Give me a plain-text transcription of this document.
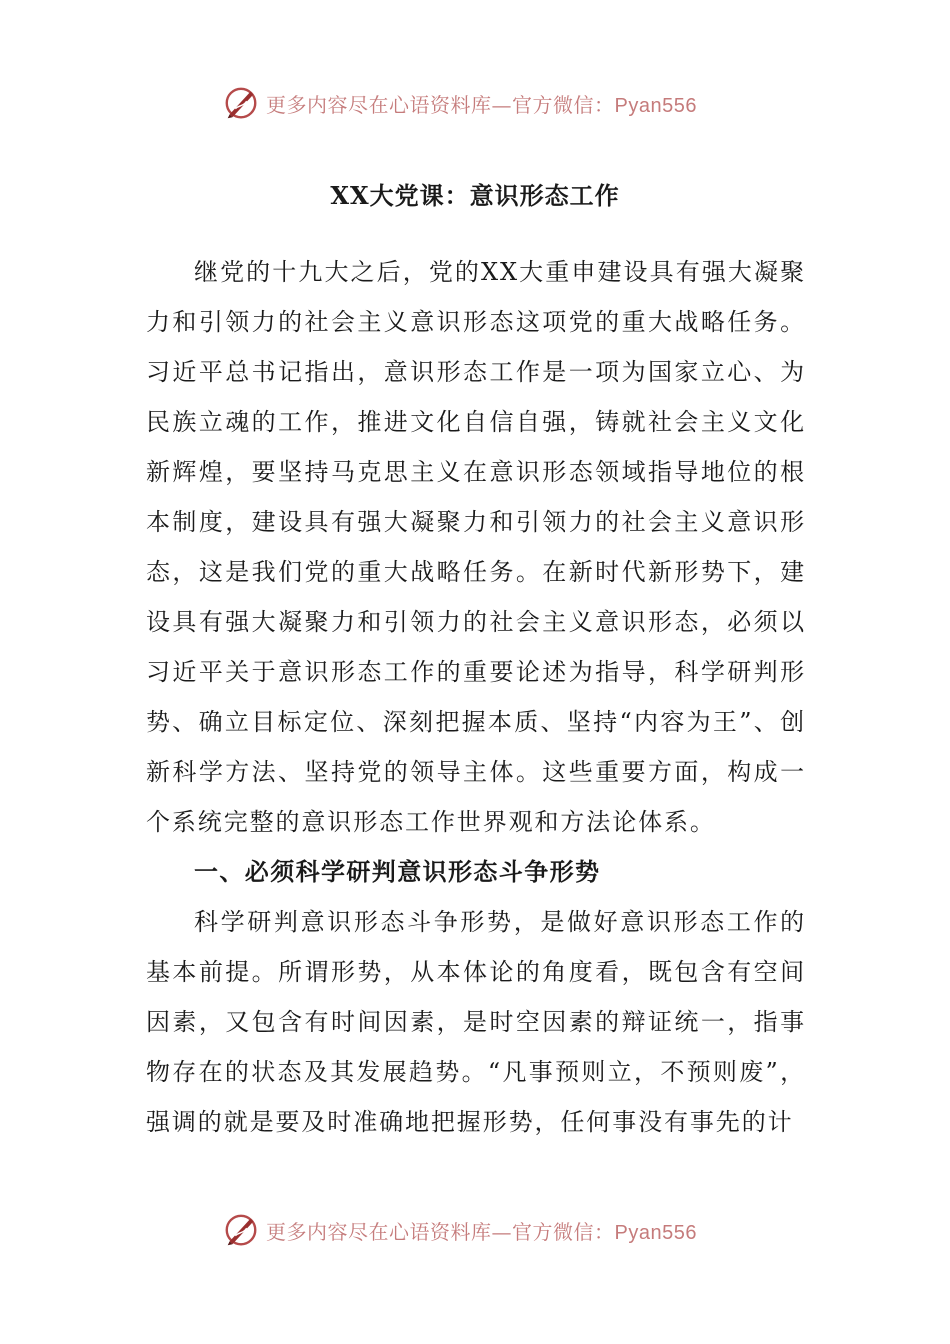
更多内容尽在心语资料库—官方微信：Pyan556
XX大党课：意识形态工作

继党的十九大之后，党的XX大重申建设具有强大凝聚力和引领力的社会主义意识形态这项党的重大战略任务。习近平总书记指出，意识形态工作是一项为国家立心、为民族立魂的工作，推进文化自信自强，铸就社会主义文化新辉煌，要坚持马克思主义在意识形态领域指导地位的根本制度，建设具有强大凝聚力和引领力的社会主义意识形态，这是我们党的重大战略任务。在新时代新形势下，建设具有强大凝聚力和引领力的社会主义意识形态，必须以习近平关于意识形态工作的重要论述为指导，科学研判形势、确立目标定位、深刻把握本质、坚持“内容为王”、创新科学方法、坚持党的领导主体。这些重要方面，构成一个系统完整的意识形态工作世界观和方法论体系。

一、必须科学研判意识形态斗争形势

科学研判意识形态斗争形势，是做好意识形态工作的基本前提。所谓形势，从本体论的角度看，既包含有空间因素，又包含有时间因素，是时空因素的辩证统一，指事物存在的状态及其发展趋势。“凡事预则立，不预则废”，强调的就是要及时准确地把握形势，任何事没有事先的计

更多内容尽在心语资料库—官方微信：Pyan556
